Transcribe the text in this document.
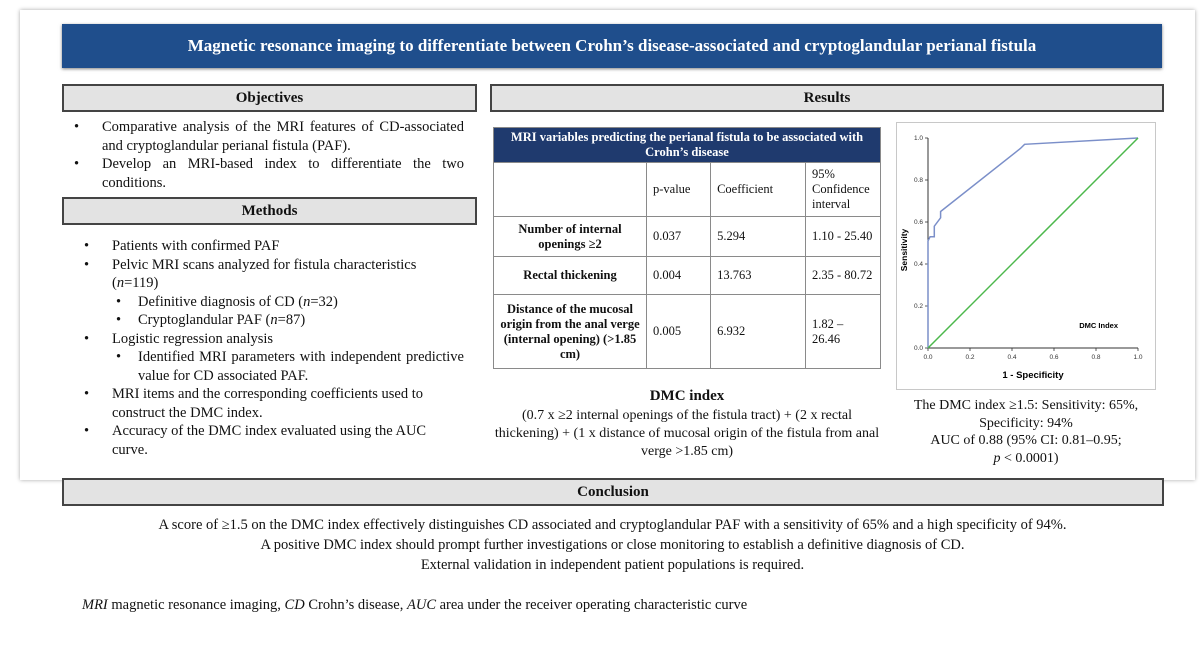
Magnetic resonance imaging to differentiate between Crohn’s disease-associated and cryptoglandular perianal fistula
Objectives
• Comparative analysis of the MRI features of CD-associated and cryptoglandular perianal fistula (PAF).
• Develop an MRI-based index to differentiate the two conditions.
Methods
• Patients with confirmed PAF
• Pelvic MRI scans analyzed for fistula characteristics (n=119)
• Definitive diagnosis of CD (n=32)
• Cryptoglandular PAF (n=87)
• Logistic regression analysis
• Identified MRI parameters with independent predictive value for CD associated PAF.
• MRI items and the corresponding coefficients used to construct the DMC index.
• Accuracy of the DMC index evaluated using the AUC curve.
Results
MRI variables predicting the perianal fistula to be associated with Crohn’s disease			
	p-value	Coefficient	95% Confidence interval
Number of internal openings ≥2	0.037	5.294	1.10 - 25.40
Rectal thickening	0.004	13.763	2.35 - 80.72
Distance of the mucosal origin from the anal verge (internal opening) (>1.85 cm)	0.005	6.932	1.82 – 26.46
DMC index
(0.7 x ≥2 internal openings of the fistula tract) + (2 x rectal thickening) + (1 x distance of mucosal origin of the fistula from anal verge >1.85 cm)
0.0	0.2	0.4	0.6	0.8	1.0
0.0
0.2
0.4
0.6
0.8
1.0
DMC Index
1 - Specificity
Sensitivity
The DMC index ≥1.5: Sensitivity: 65%, Specificity: 94%
AUC of 0.88 (95% CI: 0.81–0.95;
p < 0.0001)
Conclusion
A score of ≥1.5 on the DMC index effectively distinguishes CD associated and cryptoglandular PAF with a sensitivity of 65% and a high specificity of 94%.
A positive DMC index should prompt further investigations or close monitoring to establish a definitive diagnosis of CD.
External validation in independent patient populations is required.
MRI magnetic resonance imaging, CD Crohn’s disease, AUC area under the receiver operating characteristic curve
